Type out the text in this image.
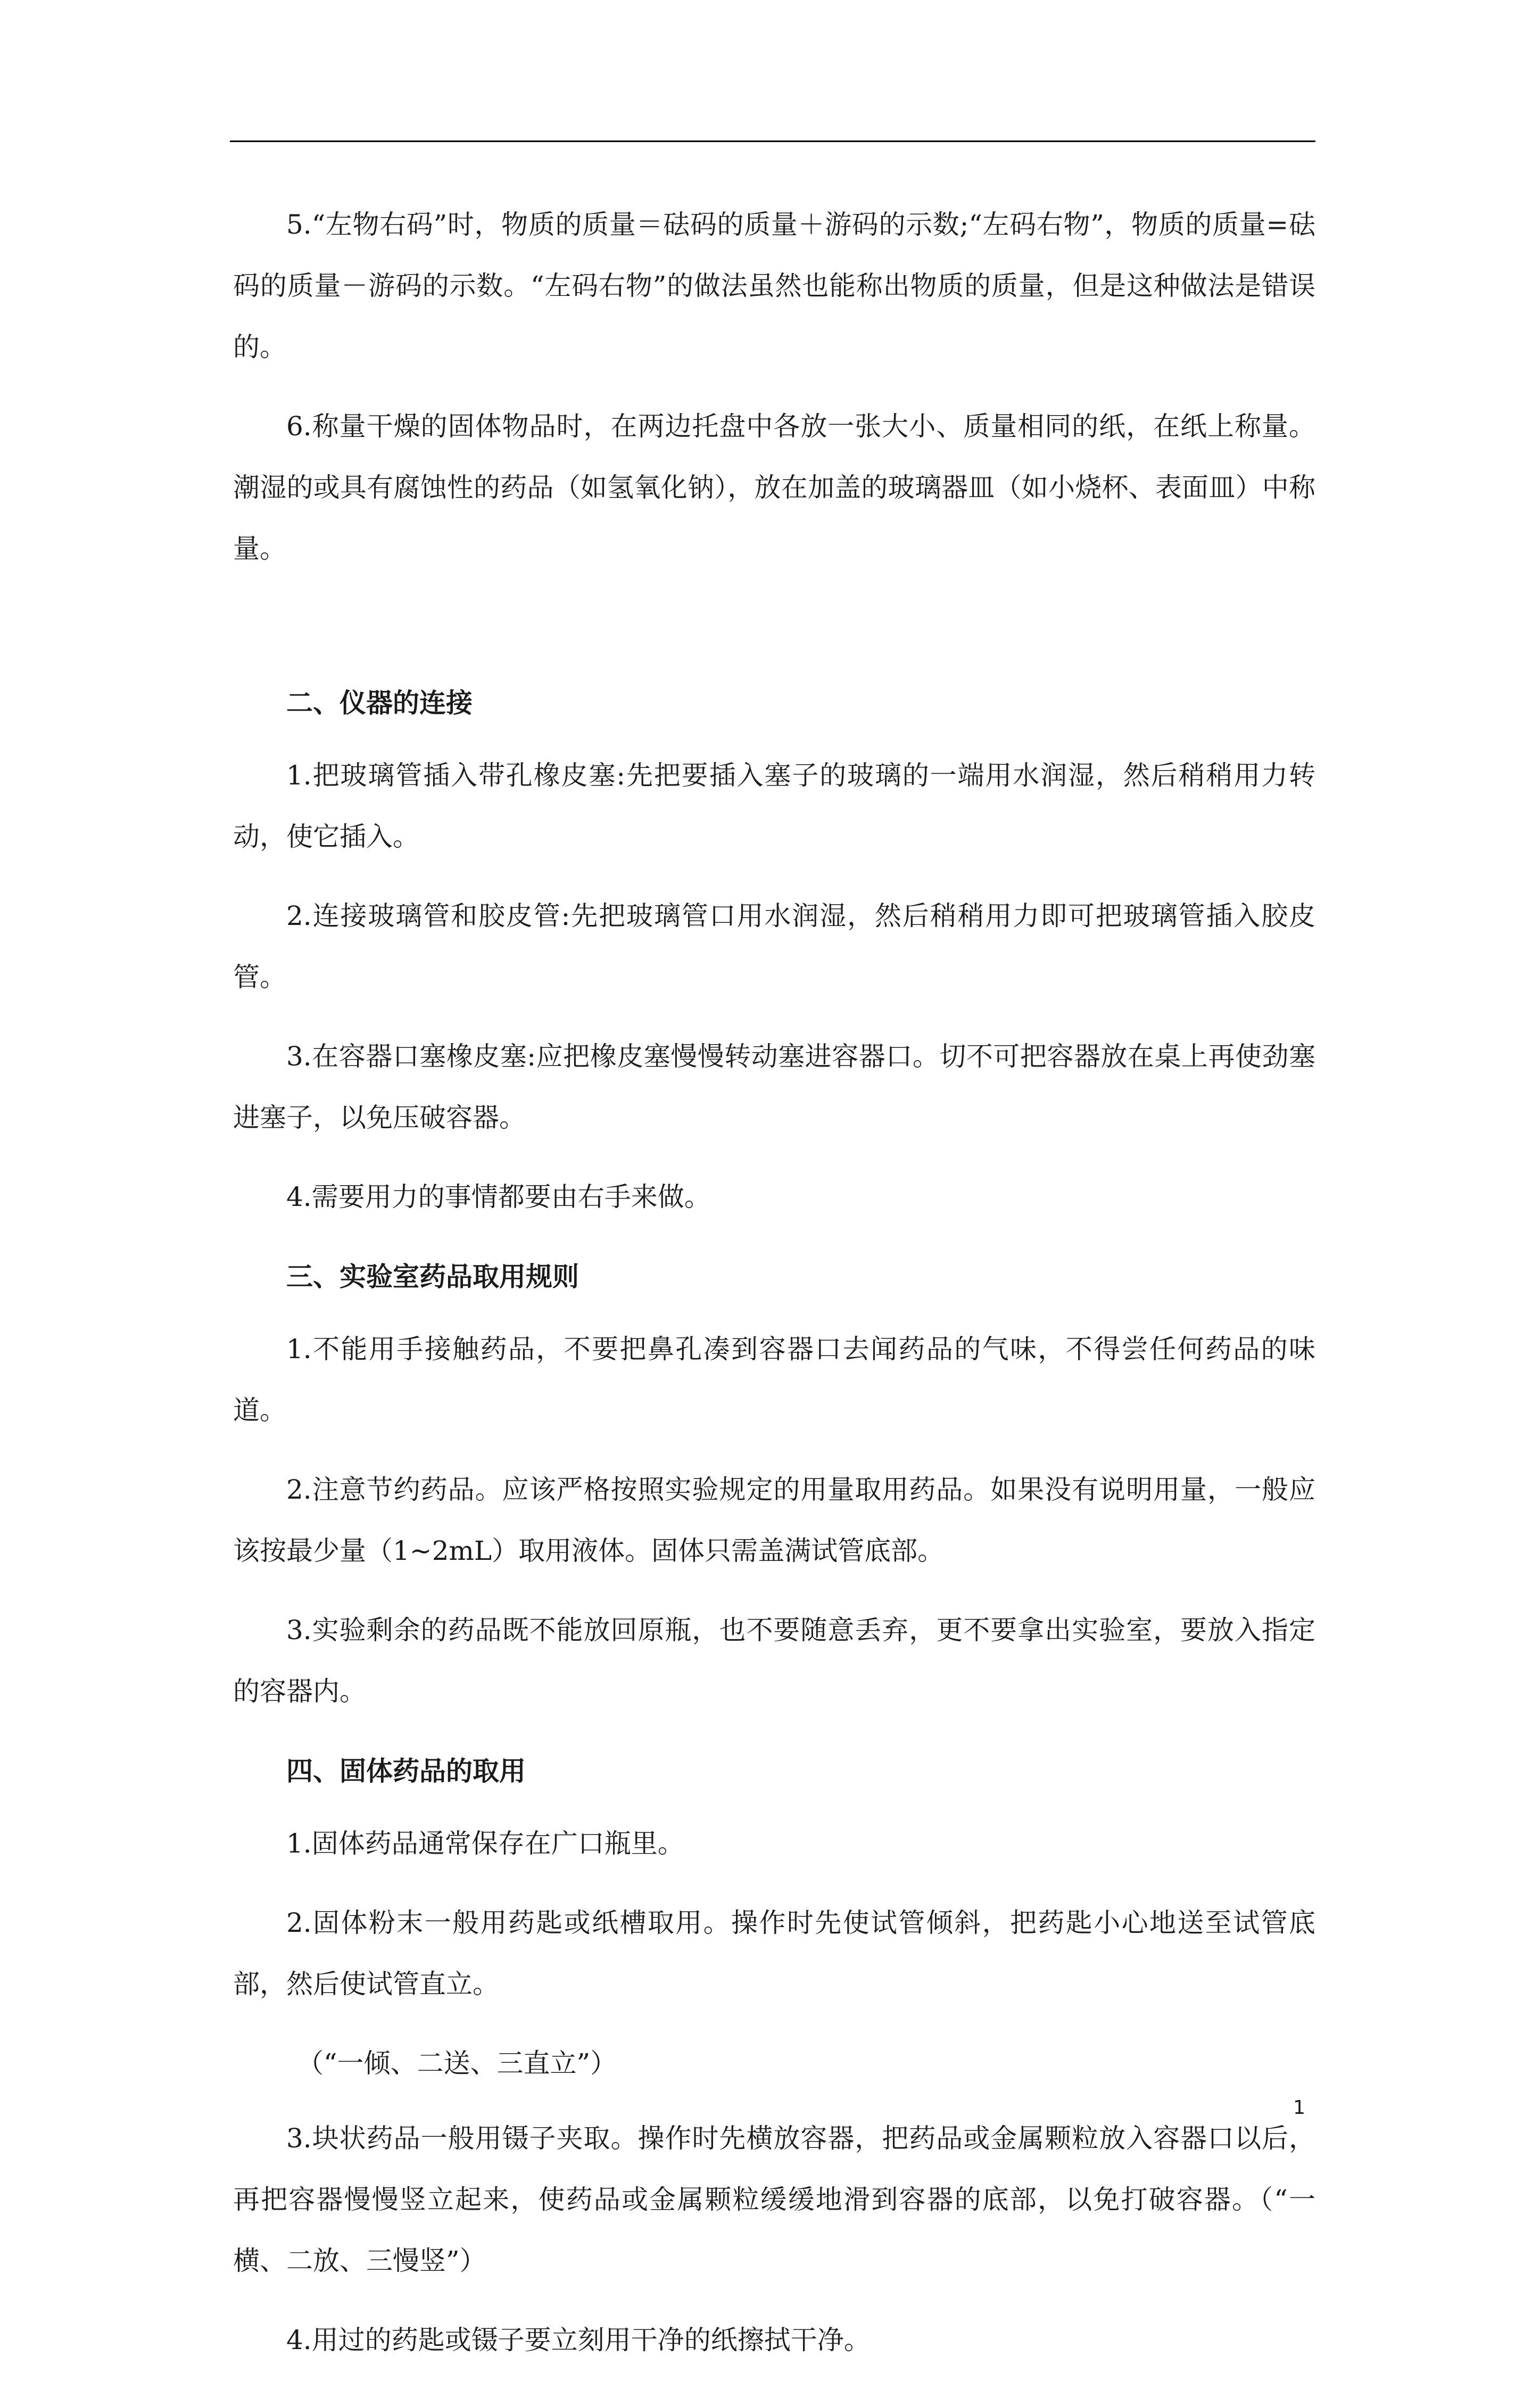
5.“左物右码”时，物质的质量＝砝码的质量＋游码的示数;“左码右物”，物质的质量=砝码的质量－游码的示数。“左码右物”的做法虽然也能称出物质的质量，但是这种做法是错误的。

6.称量干燥的固体物品时，在两边托盘中各放一张大小、质量相同的纸，在纸上称量。潮湿的或具有腐蚀性的药品（如氢氧化钠），放在加盖的玻璃器皿（如小烧杯、表面皿）中称量。

二、仪器的连接

1.把玻璃管插入带孔橡皮塞:先把要插入塞子的玻璃的一端用水润湿，然后稍稍用力转动，使它插入。

2.连接玻璃管和胶皮管:先把玻璃管口用水润湿，然后稍稍用力即可把玻璃管插入胶皮管。

3.在容器口塞橡皮塞:应把橡皮塞慢慢转动塞进容器口。切不可把容器放在桌上再使劲塞进塞子，以免压破容器。

4.需要用力的事情都要由右手来做。

三、实验室药品取用规则

1.不能用手接触药品，不要把鼻孔凑到容器口去闻药品的气味，不得尝任何药品的味道。

2.注意节约药品。应该严格按照实验规定的用量取用药品。如果没有说明用量，一般应该按最少量（1~2mL）取用液体。固体只需盖满试管底部。

3.实验剩余的药品既不能放回原瓶，也不要随意丢弃，更不要拿出实验室，要放入指定的容器内。

四、固体药品的取用

1.固体药品通常保存在广口瓶里。

2.固体粉末一般用药匙或纸槽取用。操作时先使试管倾斜，把药匙小心地送至试管底部，然后使试管直立。

（“一倾、二送、三直立”）

3.块状药品一般用镊子夹取。操作时先横放容器，把药品或金属颗粒放入容器口以后，再把容器慢慢竖立起来，使药品或金属颗粒缓缓地滑到容器的底部，以免打破容器。（“一横、二放、三慢竖”）

4.用过的药匙或镊子要立刻用干净的纸擦拭干净。

1
